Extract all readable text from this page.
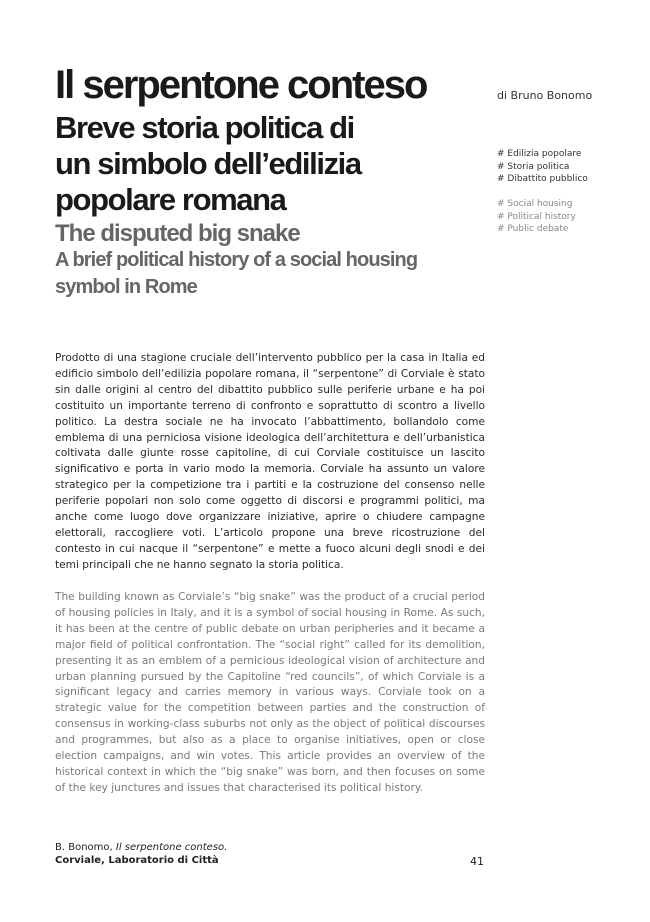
Il serpentone conteso
Breve storia politica di
un simbolo dell’edilizia
popolare romana
The disputed big snake
A brief political history of a social housing
symbol in Rome
di Bruno Bonomo
# Edilizia popolare
# Storia politica
# Dibattito pubblico
# Social housing
# Political history
# Public debate

Prodotto di una stagione cruciale dell’intervento pubblico per la casa in Italia ed edificio simbolo dell’edilizia popolare romana, il “serpentone” di Corviale è stato sin dalle origini al centro del dibattito pubblico sulle periferie urbane e ha poi costituito un importante terreno di confronto e soprattutto di scontro a livello politico. La destra sociale ne ha invocato l’abbattimento, bollandolo come emblema di una perniciosa visione ideologica dell’architettura e dell’urbanistica coltivata dalle giunte rosse capitoline, di cui Corviale costituisce un lascito significativo e porta in vario modo la memoria. Corviale ha assunto un valore strategico per la competizione tra i partiti e la costruzione del consenso nelle periferie popolari non solo come oggetto di discorsi e programmi politici, ma anche come luogo dove organizzare iniziative, aprire o chiudere campagne elettorali, raccogliere voti. L’articolo propone una breve ricostruzione del contesto in cui nacque il “serpentone” e mette a fuoco alcuni degli snodi e dei temi principali che ne hanno segnato la storia politica.

The building known as Corviale’s “big snake” was the product of a crucial period of housing policies in Italy, and it is a symbol of social housing in Rome. As such, it has been at the centre of public debate on urban peripheries and it became a major field of political confrontation. The “social right” called for its demolition, presenting it as an emblem of a pernicious ideological vision of architecture and urban planning pursued by the Capitoline “red councils”, of which Corviale is a significant legacy and carries memory in various ways. Corviale took on a strategic value for the competition between parties and the construction of consensus in working-class suburbs not only as the object of political discourses and programmes, but also as a place to organise initiatives, open or close election campaigns, and win votes. This article provides an overview of the historical context in which the “big snake” was born, and then focuses on some of the key junctures and issues that characterised its political history.

B. Bonomo, Il serpentone conteso.
Corviale, Laboratorio di Città	41
